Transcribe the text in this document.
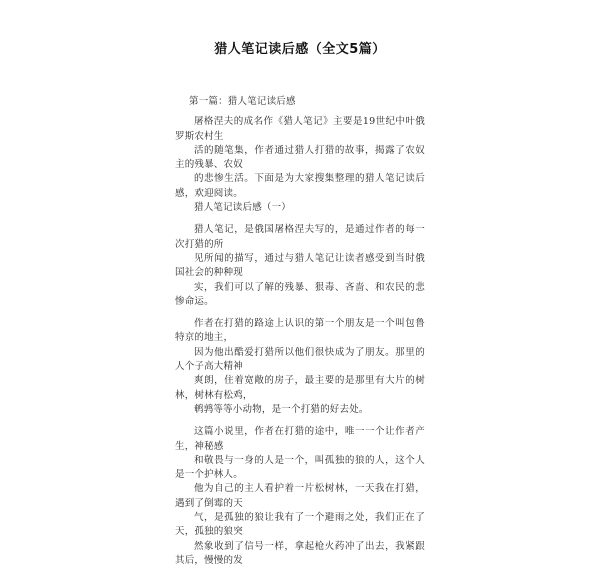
猎人笔记读后感（全文5篇）
第一篇：猎人笔记读后感
屠格涅夫的成名作《猎人笔记》主要是19世纪中叶俄罗斯农村生
活的随笔集，作者通过猎人打猎的故事，揭露了农奴主的残暴、农奴
的悲惨生活。下面是为大家搜集整理的猎人笔记读后感，欢迎阅读。
猎人笔记读后感（一）
猎人笔记，是俄国屠格涅夫写的，是通过作者的每一次打猎的所
见所闻的描写，通过与猎人笔记让读者感受到当时俄国社会的种种现
实，我们可以了解的残暴、狠毒、吝啬、和农民的悲惨命运。
作者在打猎的路途上认识的第一个朋友是一个叫包鲁特京的地主，
因为他出酷爱打猎所以他们很快成为了朋友。那里的人个子高大精神
爽朗，住着宽敞的房子，最主要的是那里有大片的树林，树林有松鸡，
鹌鹑等等小动物，是一个打猎的好去处。
这篇小说里，作者在打猎的途中，唯一一个让作者产生，神秘感
和敬畏与一身的人是一个，叫孤独的狼的人，这个人是一个护林人。
他为自己的主人看护着一片松树林，一天我在打猎，遇到了倒霉的天
气，是孤独的狼让我有了一个避雨之处，我们正在了天，孤独的狼突
然象收到了信号一样，拿起枪火药冲了出去，我紧跟其后，慢慢的发
